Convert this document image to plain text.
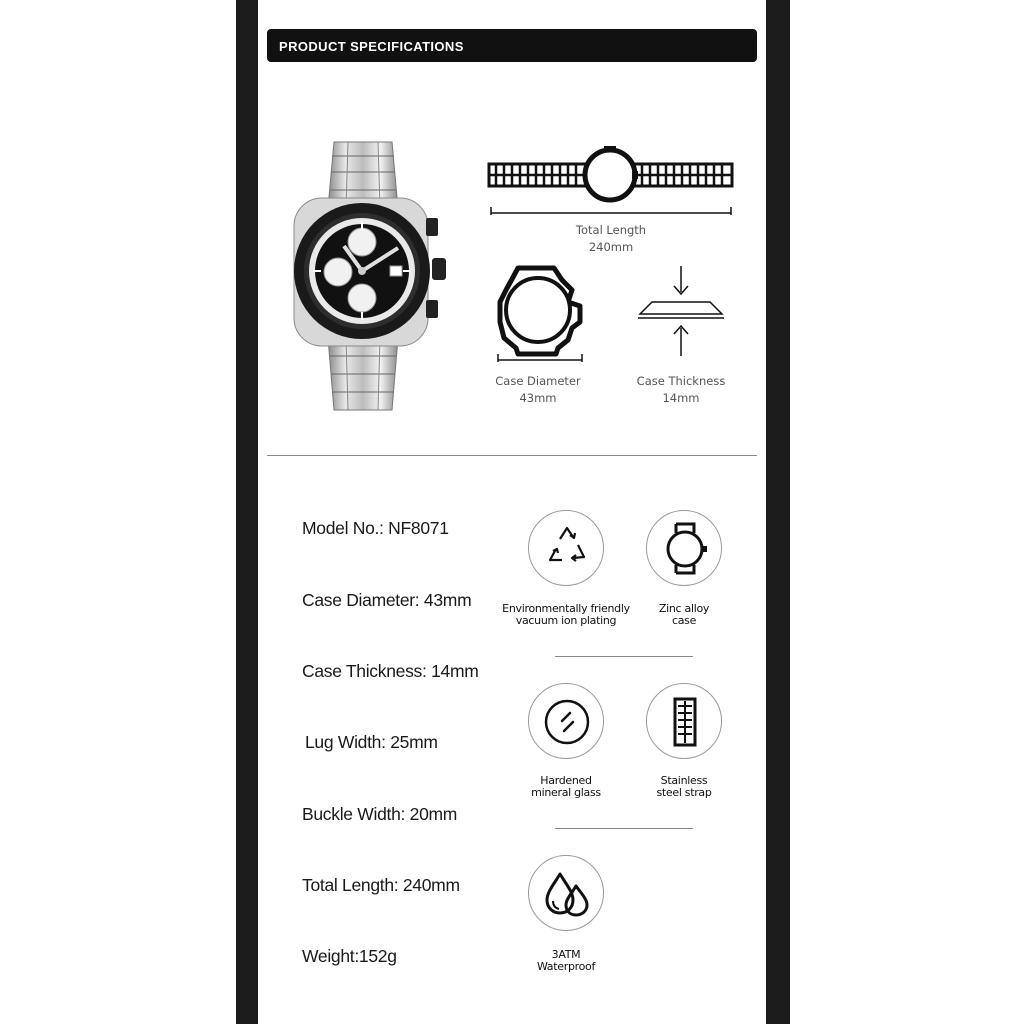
PRODUCT SPECIFICATIONS
Total Length
240mm
Case Diameter
43mm
Case Thickness
14mm
Model No.: NF8071
Case Diameter: 43mm
Case Thickness: 14mm
Lug Width: 25mm
Buckle Width: 20mm
Total Length: 240mm
Weight:152g
Environmentally friendly
vacuum ion plating
Zinc alloy
case
Hardened
mineral glass
Stainless
steel strap
3ATM
Waterproof
